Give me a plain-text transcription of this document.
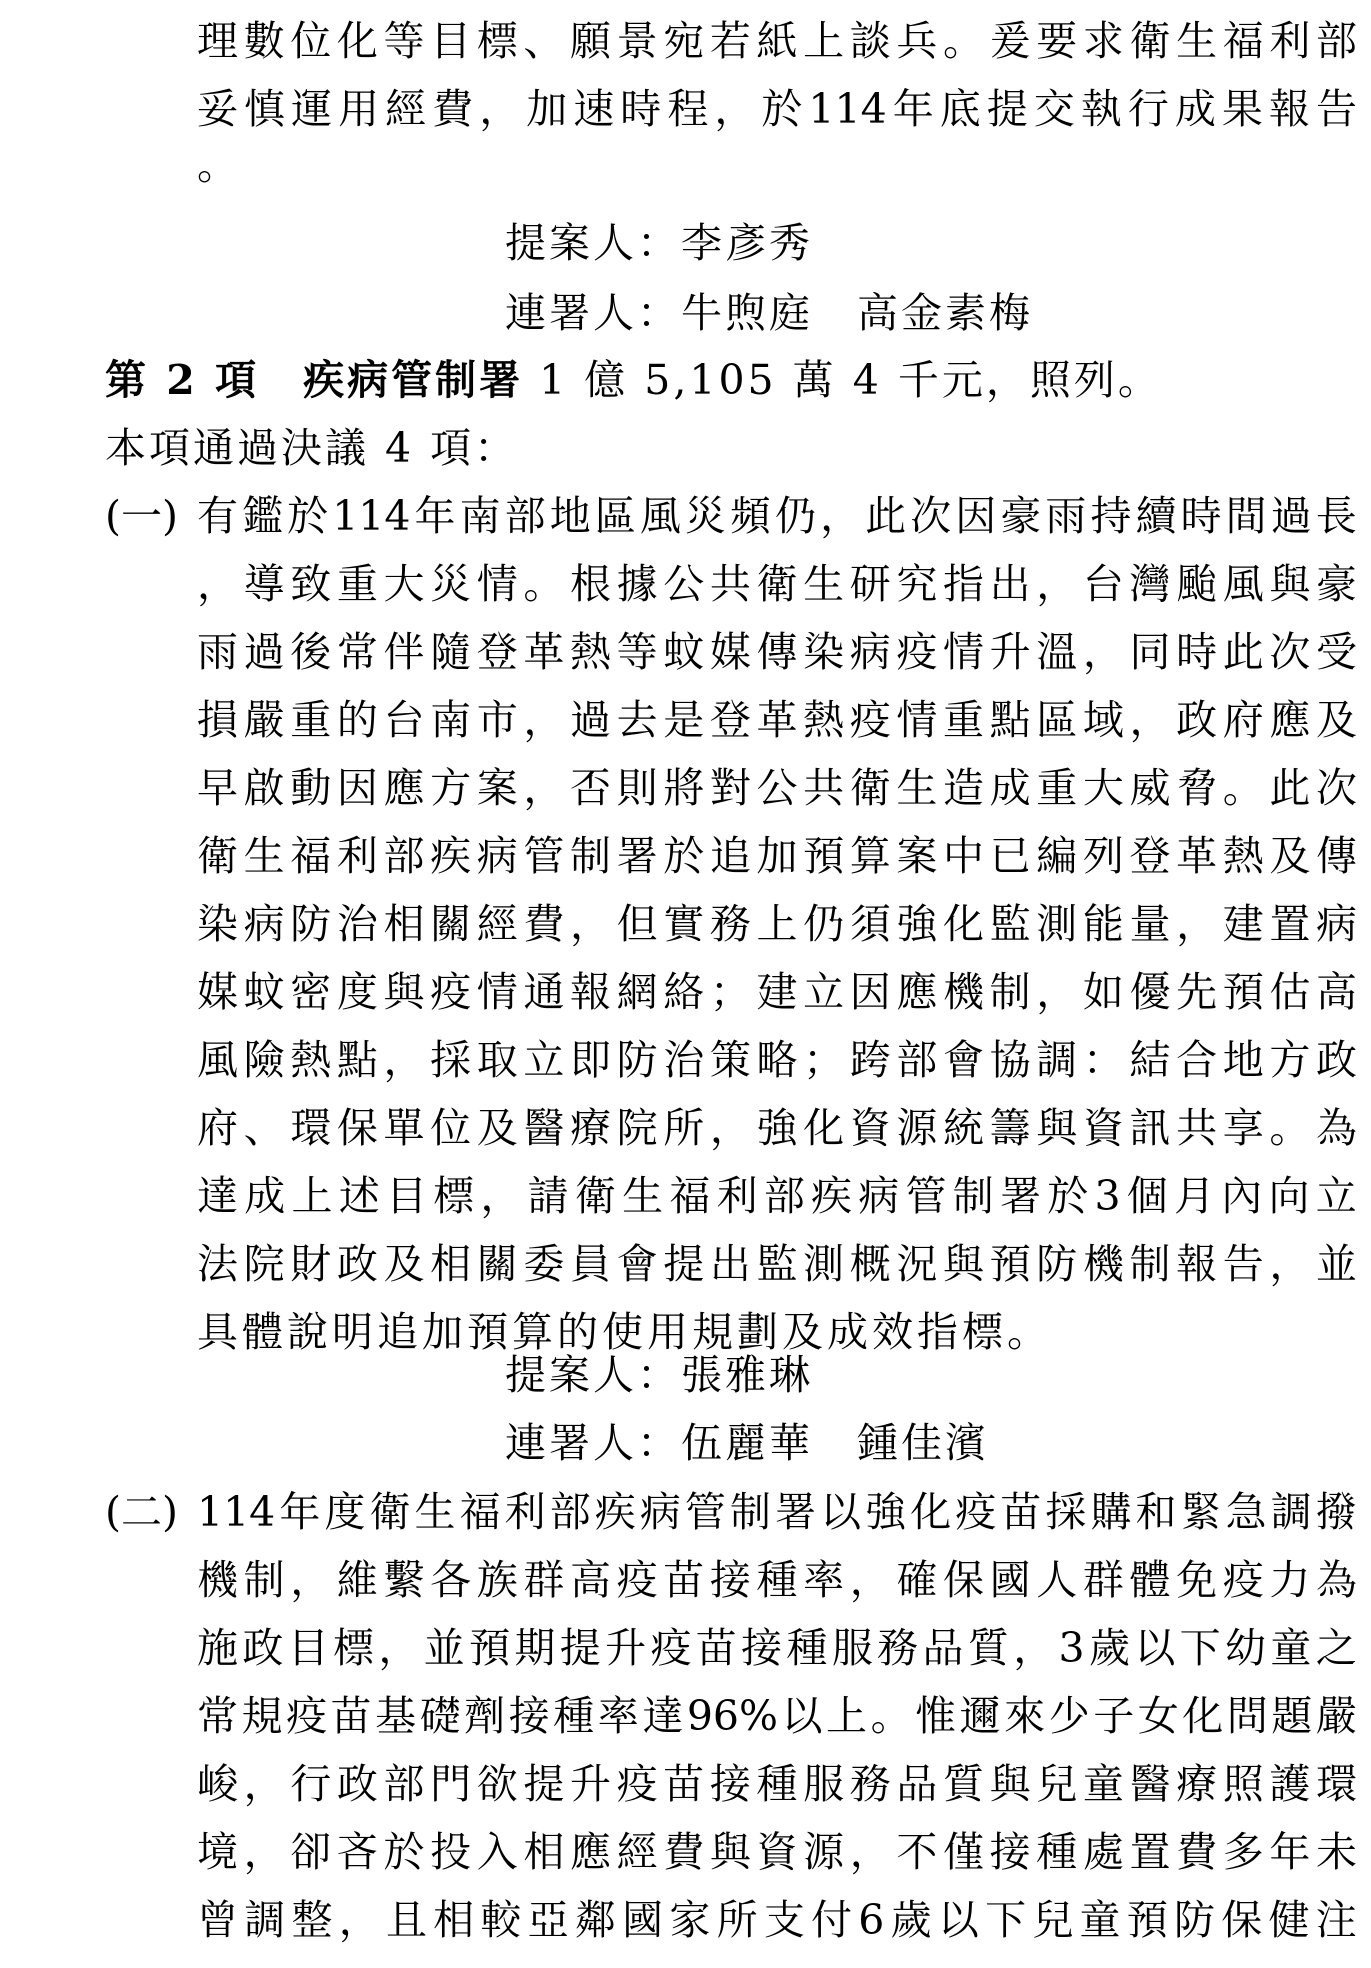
理 數 位 化 等 目 標 、 願 景 宛 若 紙 上 談 兵 。 爰 要 求 衛 生 福 利 部
妥 慎 運 用 經 費 ， 加 速 時 程 ， 於 114 年 底 提 交 執 行 成 果 報 告
。
提案人：李彥秀
連署人：牛煦庭　高金素梅
第 2 項　疾病管制署 1 億 5,105 萬 4 千元，照列。
本項通過決議 4 項：
(一) 有 鑑 於 114 年 南 部 地 區 風 災 頻 仍 ， 此 次 因 豪 雨 持 續 時 間 過 長
， 導 致 重 大 災 情 。 根 據 公 共 衛 生 研 究 指 出 ， 台 灣 颱 風 與 豪
雨 過 後 常 伴 隨 登 革 熱 等 蚊 媒 傳 染 病 疫 情 升 溫 ， 同 時 此 次 受
損 嚴 重 的 台 南 市 ， 過 去 是 登 革 熱 疫 情 重 點 區 域 ， 政 府 應 及
早 啟 動 因 應 方 案 ， 否 則 將 對 公 共 衛 生 造 成 重 大 威 脅 。 此 次
衛 生 福 利 部 疾 病 管 制 署 於 追 加 預 算 案 中 已 編 列 登 革 熱 及 傳
染 病 防 治 相 關 經 費 ， 但 實 務 上 仍 須 強 化 監 測 能 量 ， 建 置 病
媒 蚊 密 度 與 疫 情 通 報 網 絡 ； 建 立 因 應 機 制 ， 如 優 先 預 估 高
風 險 熱 點 ， 採 取 立 即 防 治 策 略 ； 跨 部 會 協 調 ： 結 合 地 方 政
府 、 環 保 單 位 及 醫 療 院 所 ， 強 化 資 源 統 籌 與 資 訊 共 享 。 為
達 成 上 述 目 標 ， 請 衛 生 福 利 部 疾 病 管 制 署 於 3 個 月 內 向 立
法 院 財 政 及 相 關 委 員 會 提 出 監 測 概 況 與 預 防 機 制 報 告 ， 並
具體說明追加預算的使用規劃及成效指標。
提案人：張雅琳
連署人：伍麗華　鍾佳濱
(二) 114 年 度 衛 生 福 利 部 疾 病 管 制 署 以 強 化 疫 苗 採 購 和 緊 急 調 撥
機 制 ， 維 繫 各 族 群 高 疫 苗 接 種 率 ， 確 保 國 人 群 體 免 疫 力 為
施 政 目 標 ， 並 預 期 提 升 疫 苗 接 種 服 務 品 質 ， 3 歲 以 下 幼 童 之
常 規 疫 苗 基 礎 劑 接 種 率 達 96% 以 上 。 惟 邇 來 少 子 女 化 問 題 嚴
峻 ， 行 政 部 門 欲 提 升 疫 苗 接 種 服 務 品 質 與 兒 童 醫 療 照 護 環
境 ， 卻 吝 於 投 入 相 應 經 費 與 資 源 ， 不 僅 接 種 處 置 費 多 年 未
曾 調 整 ， 且 相 較 亞 鄰 國 家 所 支 付 6 歲 以 下 兒 童 預 防 保 健 注
